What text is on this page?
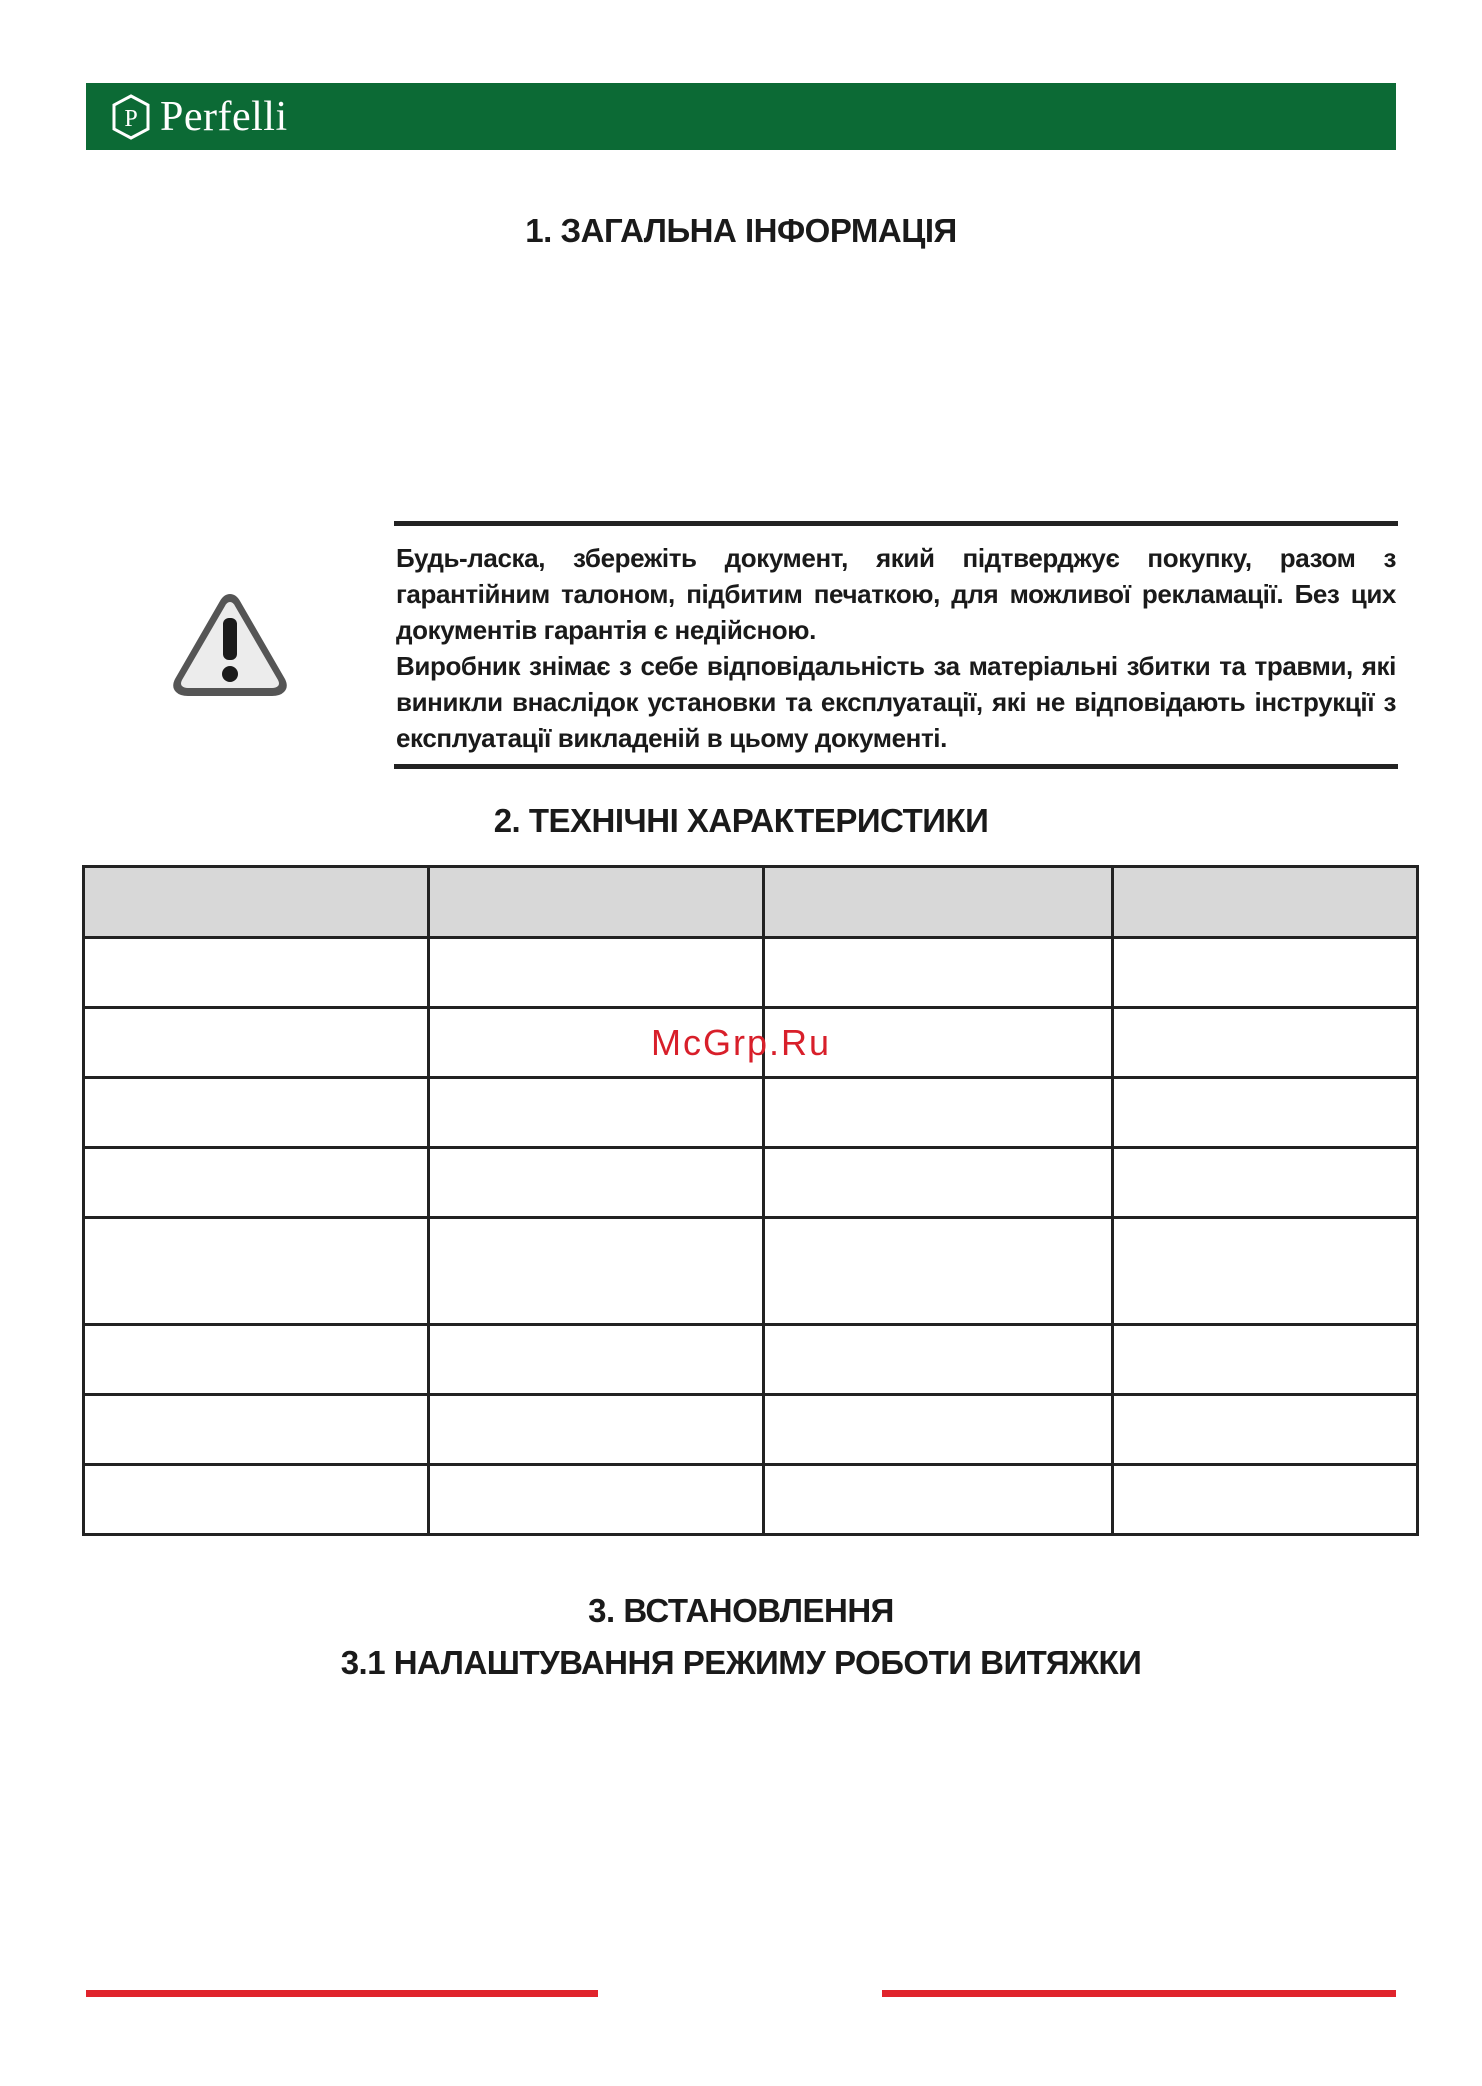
P Perfelli
1. ЗАГАЛЬНА ІНФОРМАЦІЯ

Будь-ласка, збережіть документ, який підтверджує покупку, разом з гарантійним талоном, підбитим печаткою, для можливої рекламації. Без цих документів гарантія є недійсною.

Виробник знімає з себе відповідальність за матеріальні збитки та травми, які виникли внаслідок установки та експлуатації, які не відповідають інструкції з експлуатації викладеній в цьому документі.

2. ТЕХНІЧНІ ХАРАКТЕРИСТИКИ

McGrp.Ru
3. ВСТАНОВЛЕННЯ
3.1 НАЛАШТУВАННЯ РЕЖИМУ РОБОТИ ВИТЯЖКИ
